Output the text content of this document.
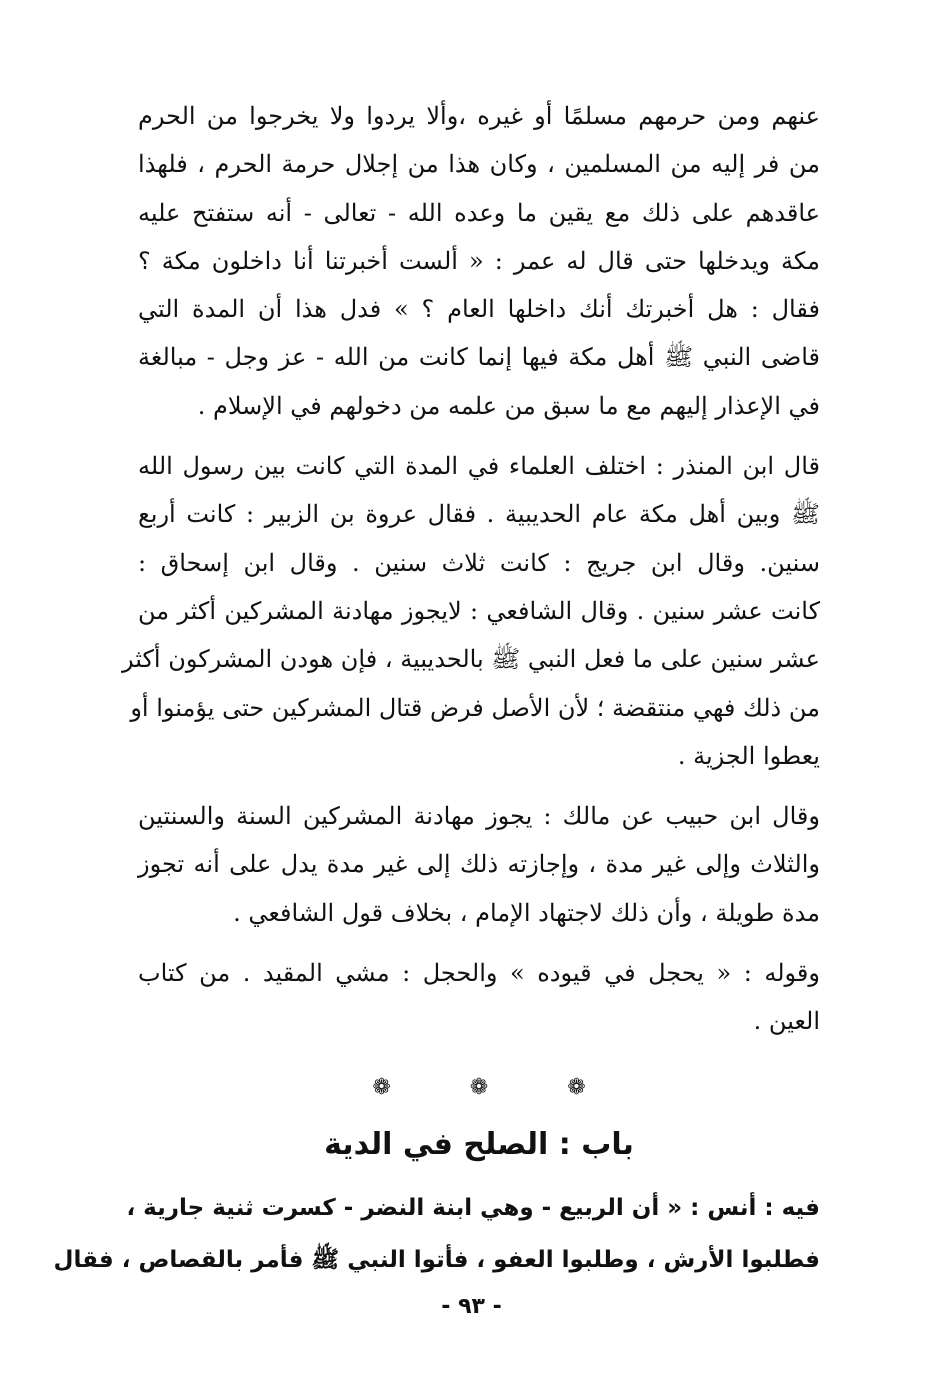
عنهم ومن حرمهم مسلمًا أو غيره ،وألا يردوا ولا يخرجوا من الحرم
من فر إليه من المسلمين ، وكان هذا من إجلال حرمة الحرم ، فلهذا
عاقدهم على ذلك مع يقين ما وعده الله - تعالى - أنه ستفتح عليه
مكة ويدخلها حتى قال له عمر : « ألست أخبرتنا أنا داخلون مكة ؟
فقال : هل أخبرتك أنك داخلها العام ؟ » فدل هذا أن المدة التي
قاضى النبي ﷺ أهل مكة فيها إنما كانت من الله - عز وجل - مبالغة
في الإعذار إليهم مع ما سبق من علمه من دخولهم في الإسلام .
قال ابن المنذر : اختلف العلماء في المدة التي كانت بين رسول الله
ﷺ وبين أهل مكة عام الحديبية . فقال عروة بن الزبير : كانت أربع
سنين. وقال ابن جريج : كانت ثلاث سنين . وقال ابن إسحاق :
كانت عشر سنين . وقال الشافعي : لايجوز مهادنة المشركين أكثر من
عشر سنين على ما فعل النبي ﷺ بالحديبية ، فإن هودن المشركون أكثر
من ذلك فهي منتقضة ؛ لأن الأصل فرض قتال المشركين حتى يؤمنوا أو
يعطوا الجزية .
وقال ابن حبيب عن مالك : يجوز مهادنة المشركين السنة والسنتين
والثلاث وإلى غير مدة ، وإجازته ذلك إلى غير مدة يدل على أنه تجوز
مدة طويلة ، وأن ذلك لاجتهاد الإمام ، بخلاف قول الشافعي .
وقوله : « يحجل في قيوده » والحجل : مشي المقيد . من كتاب
العين .
❁	❁	❁
باب : الصلح في الدية
فيه : أنس : « أن الربيع - وهي ابنة النضر - كسرت ثنية جارية ،
فطلبوا الأرش ، وطلبوا العفو ، فأتوا النبي ﷺ فأمر بالقصاص ، فقال
- ٩٣ -
